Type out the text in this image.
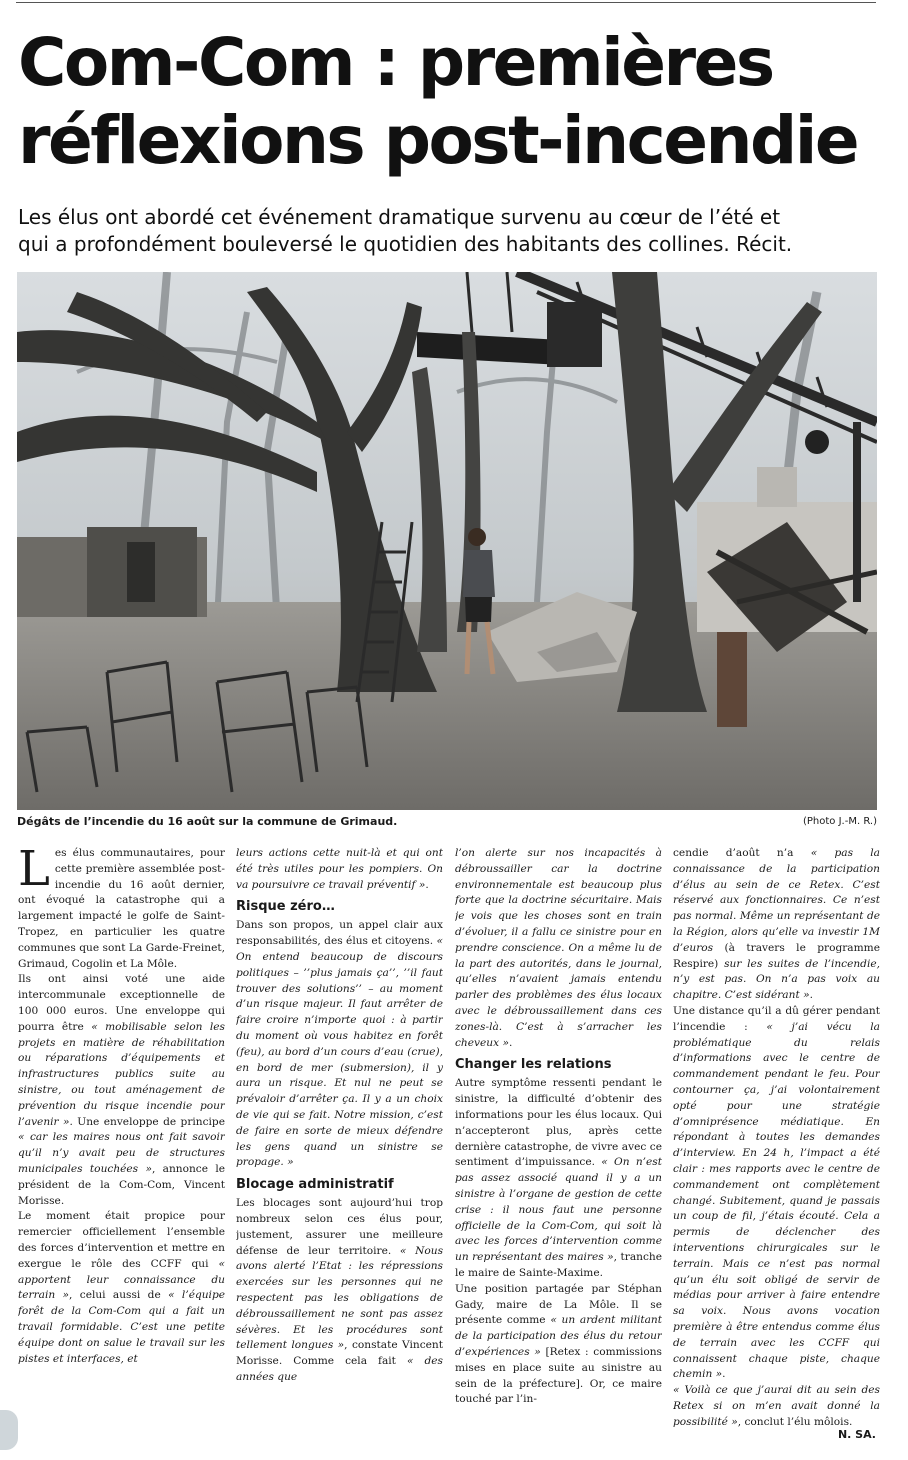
Com-Com : premières
réflexions post-incendie

Les élus ont abordé cet événement dramatique survenu au cœur de l’été et
qui a profondément bouleversé le quotidien des habitants des collines. Récit.

Dégâts de l’incendie du 16 août sur la commune de Grimaud.	(Photo J.-M. R.)

Les élus communautaires, pour cette première assemblée post-incendie du 16 août dernier, ont évoqué la catastrophe qui a largement impacté le golfe de Saint-Tropez, en particulier les quatre communes que sont La Garde-Freinet, Grimaud, Cogolin et La Môle.

Ils ont ainsi voté une aide intercommunale exceptionnelle de 100 000 euros. Une enveloppe qui pourra être « mobilisable selon les projets en matière de réhabilitation ou réparations d’équipements et infrastructures publics suite au sinistre, ou tout aménagement de prévention du risque incendie pour l’avenir ». Une enveloppe de principe « car les maires nous ont fait savoir qu’il n’y avait peu de structures municipales touchées », annonce le président de la Com-Com, Vincent Morisse.

Le moment était propice pour remercier officiellement l’ensemble des forces d’intervention et mettre en exergue le rôle des CCFF qui « apportent leur connaissance du terrain », celui aussi de « l’équipe forêt de la Com-Com qui a fait un travail formidable. C’est une petite équipe dont on salue le travail sur les pistes et interfaces, et

leurs actions cette nuit-là et qui ont été très utiles pour les pompiers. On va poursuivre ce travail préventif ».

Risque zéro…

Dans son propos, un appel clair aux responsabilités, des élus et citoyens. « On entend beaucoup de discours politiques – ’’plus jamais ça’’, ’’il faut trouver des solutions’’ – au moment d’un risque majeur. Il faut arrêter de faire croire n’importe quoi : à partir du moment où vous habitez en forêt (feu), au bord d’un cours d’eau (crue), en bord de mer (submersion), il y aura un risque. Et nul ne peut se prévaloir d’arrêter ça. Il y a un choix de vie qui se fait. Notre mission, c’est de faire en sorte de mieux défendre les gens quand un sinistre se propage. »

Blocage administratif

Les blocages sont aujourd’hui trop nombreux selon ces élus pour, justement, assurer une meilleure défense de leur territoire. « Nous avons alerté l’Etat : les répressions exercées sur les personnes qui ne respectent pas les obligations de débroussaillement ne sont pas assez sévères. Et les procédures sont tellement longues », constate Vincent Morisse. Comme cela fait « des années que

l’on alerte sur nos incapacités à débroussailler car la doctrine environnementale est beaucoup plus forte que la doctrine sécuritaire. Mais je vois que les choses sont en train d’évoluer, il a fallu ce sinistre pour en prendre conscience. On a même lu de la part des autorités, dans le journal, qu’elles n’avaient jamais entendu parler des problèmes des élus locaux avec le débroussaillement dans ces zones-là. C’est à s’arracher les cheveux ».

Changer les relations

Autre symptôme ressenti pendant le sinistre, la difficulté d’obtenir des informations pour les élus locaux. Qui n’accepteront plus, après cette dernière catastrophe, de vivre avec ce sentiment d’impuissance. « On n’est pas assez associé quand il y a un sinistre à l’organe de gestion de cette crise : il nous faut une personne officielle de la Com-Com, qui soit là avec les forces d’intervention comme un représentant des maires », tranche le maire de Sainte-Maxime.

Une position partagée par Stéphan Gady, maire de La Môle. Il se présente comme « un ardent militant de la participation des élus du retour d’expériences » [Retex : commissions mises en place suite au sinistre au sein de la préfecture]. Or, ce maire touché par l’in-

cendie d’août n’a « pas la connaissance de la participation d’élus au sein de ce Retex. C’est réservé aux fonctionnaires. Ce n’est pas normal. Même un représentant de la Région, alors qu’elle va investir 1M d’euros (à travers le programme Respire) sur les suites de l’incendie, n’y est pas. On n’a pas voix au chapitre. C’est sidérant ».

Une distance qu’il a dû gérer pendant l’incendie : « j’ai vécu la problématique du relais d’informations avec le centre de commandement pendant le feu. Pour contourner ça, j’ai volontairement opté pour une stratégie d’omniprésence médiatique. En répondant à toutes les demandes d’interview. En 24 h, l’impact a été clair : mes rapports avec le centre de commandement ont complètement changé. Subitement, quand je passais un coup de fil, j’étais écouté. Cela a permis de déclencher des interventions chirurgicales sur le terrain. Mais ce n’est pas normal qu’un élu soit obligé de servir de médias pour arriver à faire entendre sa voix. Nous avons vocation première à être entendus comme élus de terrain avec les CCFF qui connaissent chaque piste, chaque chemin ».

« Voilà ce que j’aurai dit au sein des Retex si on m’en avait donné la possibilité », conclut l’élu môlois.

N. SA.
